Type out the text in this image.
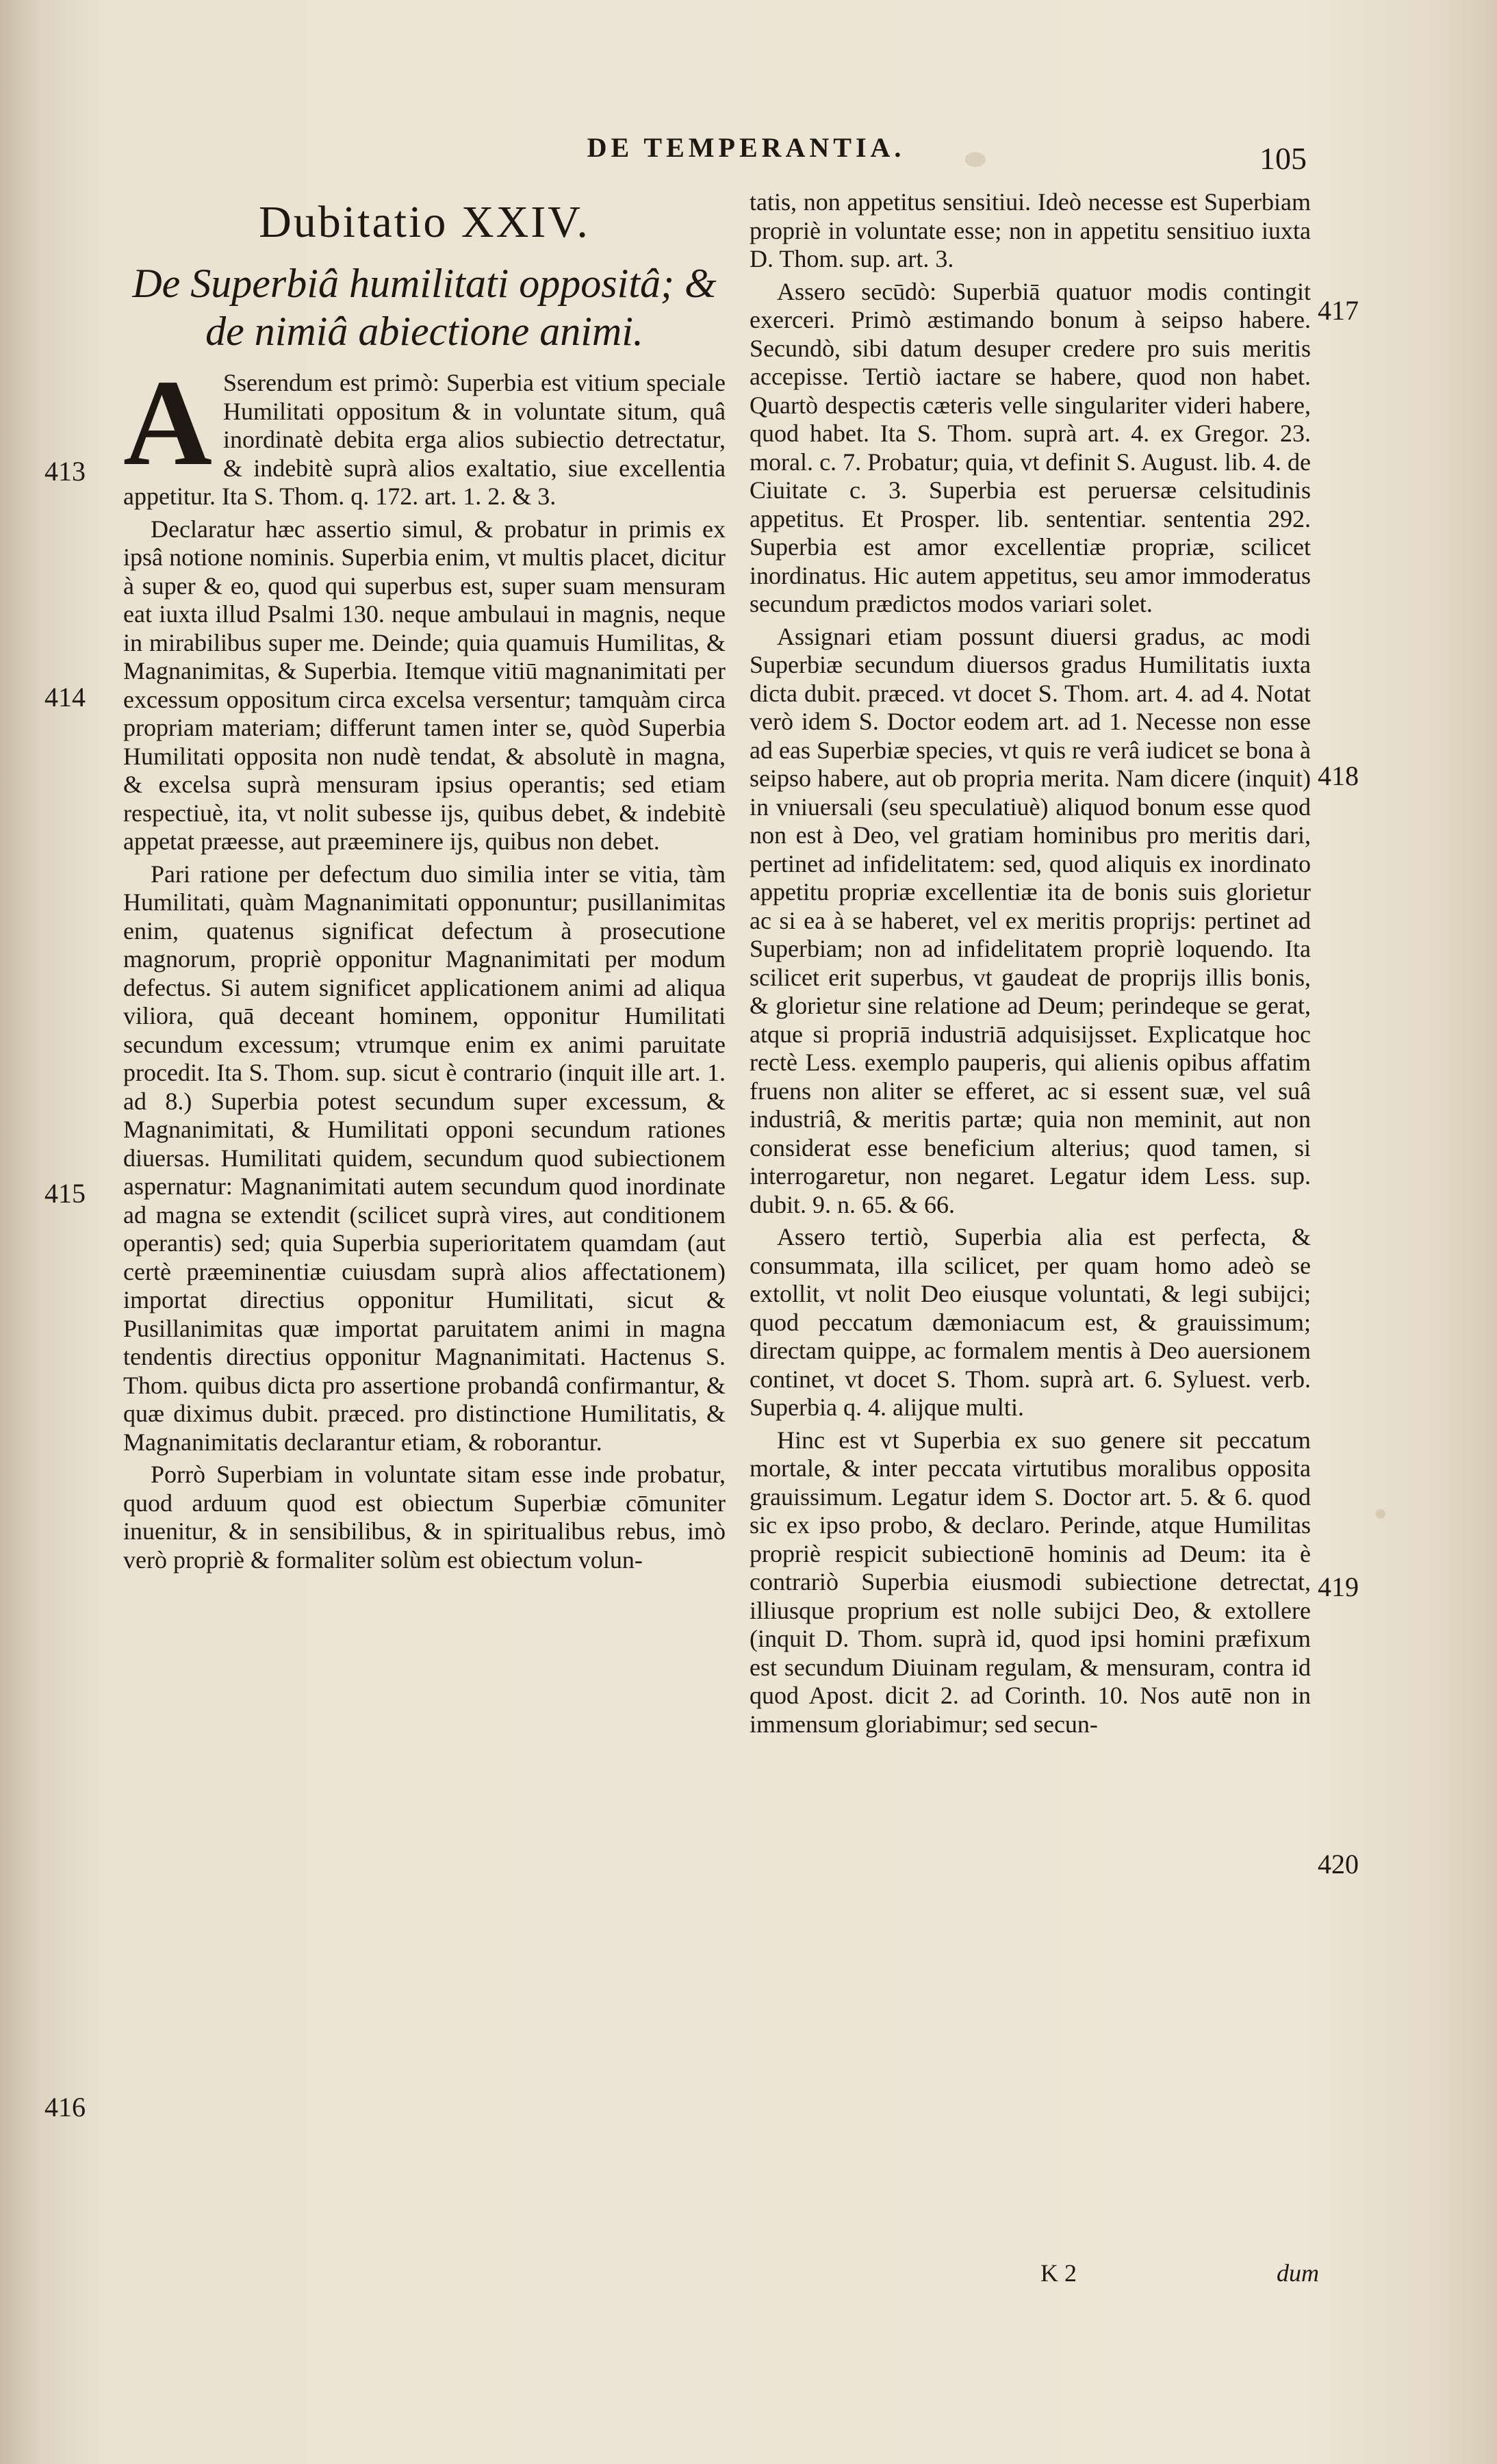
DE TEMPERANTIA.	105
Dubitatio XXIV.
De Superbiâ humilitati oppositâ; & de nimiâ abiectione animi.

A Sserendum est primò: Superbia est vitium speciale Humilitati oppositum & in voluntate situm, quâ inordinatè debita erga alios subiectio detrectatur, & indebitè suprà alios exaltatio, siue excellentia appetitur. Ita S. Thom. q. 172. art. 1. 2. & 3.

Declaratur hæc assertio simul, & probatur in primis ex ipsâ notione nominis. Superbia enim, vt multis placet, dicitur à super & eo, quod qui superbus est, super suam mensuram eat iuxta illud Psalmi 130. neque ambulaui in magnis, neque in mirabilibus super me. Deinde; quia quamuis Humilitas, & Magnanimitas, & Superbia. Itemque vitiū magnanimitati per excessum oppositum circa excelsa versentur; tamquàm circa propriam materiam; differunt tamen inter se, quòd Superbia Humilitati opposita non nudè tendat, & absolutè in magna, & excelsa suprà mensuram ipsius operantis; sed etiam respectiuè, ita, vt nolit subesse ijs, quibus debet, & indebitè appetat præesse, aut præeminere ijs, quibus non debet.

Pari ratione per defectum duo similia inter se vitia, tàm Humilitati, quàm Magnanimitati opponuntur; pusillanimitas enim, quatenus significat defectum à prosecutione magnorum, propriè opponitur Magnanimitati per modum defectus. Si autem significet applicationem animi ad aliqua viliora, quā deceant hominem, opponitur Humilitati secundum excessum; vtrumque enim ex animi paruitate procedit. Ita S. Thom. sup. sicut è contrario (inquit ille art. 1. ad 8.) Superbia potest secundum super excessum, & Magnanimitati, & Humilitati opponi secundum rationes diuersas. Humilitati quidem, secundum quod subiectionem aspernatur: Magnanimitati autem secundum quod inordinate ad magna se extendit (scilicet suprà vires, aut conditionem operantis) sed; quia Superbia superioritatem quamdam (aut certè præeminentiæ cuiusdam suprà alios affectationem) importat directius opponitur Humilitati, sicut & Pusillanimitas quæ importat paruitatem animi in magna tendentis directius opponitur Magnanimitati. Hactenus S. Thom. quibus dicta pro assertione probandâ confirmantur, & quæ diximus dubit. præced. pro distinctione Humilitatis, & Magnanimitatis declarantur etiam, & roborantur.

Porrò Superbiam in voluntate sitam esse inde probatur, quod arduum quod est obiectum Superbiæ cōmuniter inuenitur, & in sensibilibus, & in spiritualibus rebus, imò verò propriè & formaliter solùm est obiectum volun-

413
414
415
416

tatis, non appetitus sensitiui. Ideò necesse est Superbiam propriè in voluntate esse; non in appetitu sensitiuo iuxta D. Thom. sup. art. 3.

Assero secūdò: Superbiā quatuor modis contingit exerceri. Primò æstimando bonum à seipso habere. Secundò, sibi datum desuper credere pro suis meritis accepisse. Tertiò iactare se habere, quod non habet. Quartò despectis cæteris velle singulariter videri habere, quod habet. Ita S. Thom. suprà art. 4. ex Gregor. 23. moral. c. 7. Probatur; quia, vt definit S. August. lib. 4. de Ciuitate c. 3. Superbia est peruersæ celsitudinis appetitus. Et Prosper. lib. sententiar. sententia 292. Superbia est amor excellentiæ propriæ, scilicet inordinatus. Hic autem appetitus, seu amor immoderatus secundum prædictos modos variari solet.

Assignari etiam possunt diuersi gradus, ac modi Superbiæ secundum diuersos gradus Humilitatis iuxta dicta dubit. præced. vt docet S. Thom. art. 4. ad 4. Notat verò idem S. Doctor eodem art. ad 1. Necesse non esse ad eas Superbiæ species, vt quis re verâ iudicet se bona à seipso habere, aut ob propria merita. Nam dicere (inquit) in vniuersali (seu speculatiuè) aliquod bonum esse quod non est à Deo, vel gratiam hominibus pro meritis dari, pertinet ad infidelitatem: sed, quod aliquis ex inordinato appetitu propriæ excellentiæ ita de bonis suis glorietur ac si ea à se haberet, vel ex meritis proprijs: pertinet ad Superbiam; non ad infidelitatem propriè loquendo. Ita scilicet erit superbus, vt gaudeat de proprijs illis bonis, & glorietur sine relatione ad Deum; perindeque se gerat, atque si propriā industriā adquisijsset. Explicatque hoc rectè Less. exemplo pauperis, qui alienis opibus affatim fruens non aliter se efferet, ac si essent suæ, vel suâ industriâ, & meritis partæ; quia non meminit, aut non considerat esse beneficium alterius; quod tamen, si interrogaretur, non negaret. Legatur idem Less. sup. dubit. 9. n. 65. & 66.

Assero tertiò, Superbia alia est perfecta, & consummata, illa scilicet, per quam homo adeò se extollit, vt nolit Deo eiusque voluntati, & legi subijci; quod peccatum dæmoniacum est, & grauissimum; directam quippe, ac formalem mentis à Deo auersionem continet, vt docet S. Thom. suprà art. 6. Syluest. verb. Superbia q. 4. alijque multi.

Hinc est vt Superbia ex suo genere sit peccatum mortale, & inter peccata virtutibus moralibus opposita grauissimum. Legatur idem S. Doctor art. 5. & 6. quod sic ex ipso probo, & declaro. Perinde, atque Humilitas propriè respicit subiectionē hominis ad Deum: ita è contrariò Superbia eiusmodi subiectione detrectat, illiusque proprium est nolle subijci Deo, & extollere (inquit D. Thom. suprà id, quod ipsi homini præfixum est secundum Diuinam regulam, & mensuram, contra id quod Apost. dicit 2. ad Corinth. 10. Nos autē non in immensum gloriabimur; sed secun-

417
418
419
420
K 2	dum
